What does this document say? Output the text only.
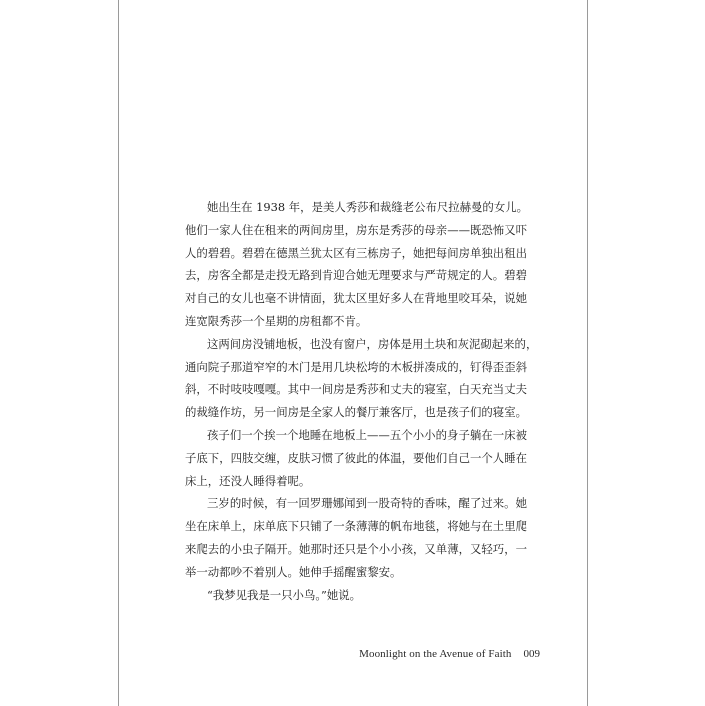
她出生在 1938 年，是美人秀莎和裁缝老公布尺拉赫曼的女儿。
他们一家人住在租来的两间房里，房东是秀莎的母亲——既恐怖又吓
人的碧碧。碧碧在德黑兰犹太区有三栋房子，她把每间房单独出租出
去，房客全都是走投无路到肯迎合她无理要求与严苛规定的人。碧碧
对自己的女儿也毫不讲情面，犹太区里好多人在背地里咬耳朵，说她
连宽限秀莎一个星期的房租都不肯。
这两间房没铺地板，也没有窗户，房体是用土块和灰泥砌起来的，
通向院子那道窄窄的木门是用几块松垮的木板拼凑成的，钉得歪歪斜
斜，不时吱吱嘎嘎。其中一间房是秀莎和丈夫的寝室，白天充当丈夫
的裁缝作坊，另一间房是全家人的餐厅兼客厅，也是孩子们的寝室。
孩子们一个挨一个地睡在地板上——五个小小的身子躺在一床被
子底下，四肢交缠，皮肤习惯了彼此的体温，要他们自己一个人睡在
床上，还没人睡得着呢。
三岁的时候，有一回罗珊娜闻到一股奇特的香味，醒了过来。她
坐在床单上，床单底下只铺了一条薄薄的帆布地毯，将她与在土里爬
来爬去的小虫子隔开。她那时还只是个小小孩，又单薄，又轻巧，一
举一动都吵不着别人。她伸手摇醒蜜黎安。
“我梦见我是一只小鸟。”她说。
Moonlight on the Avenue of Faith 009
